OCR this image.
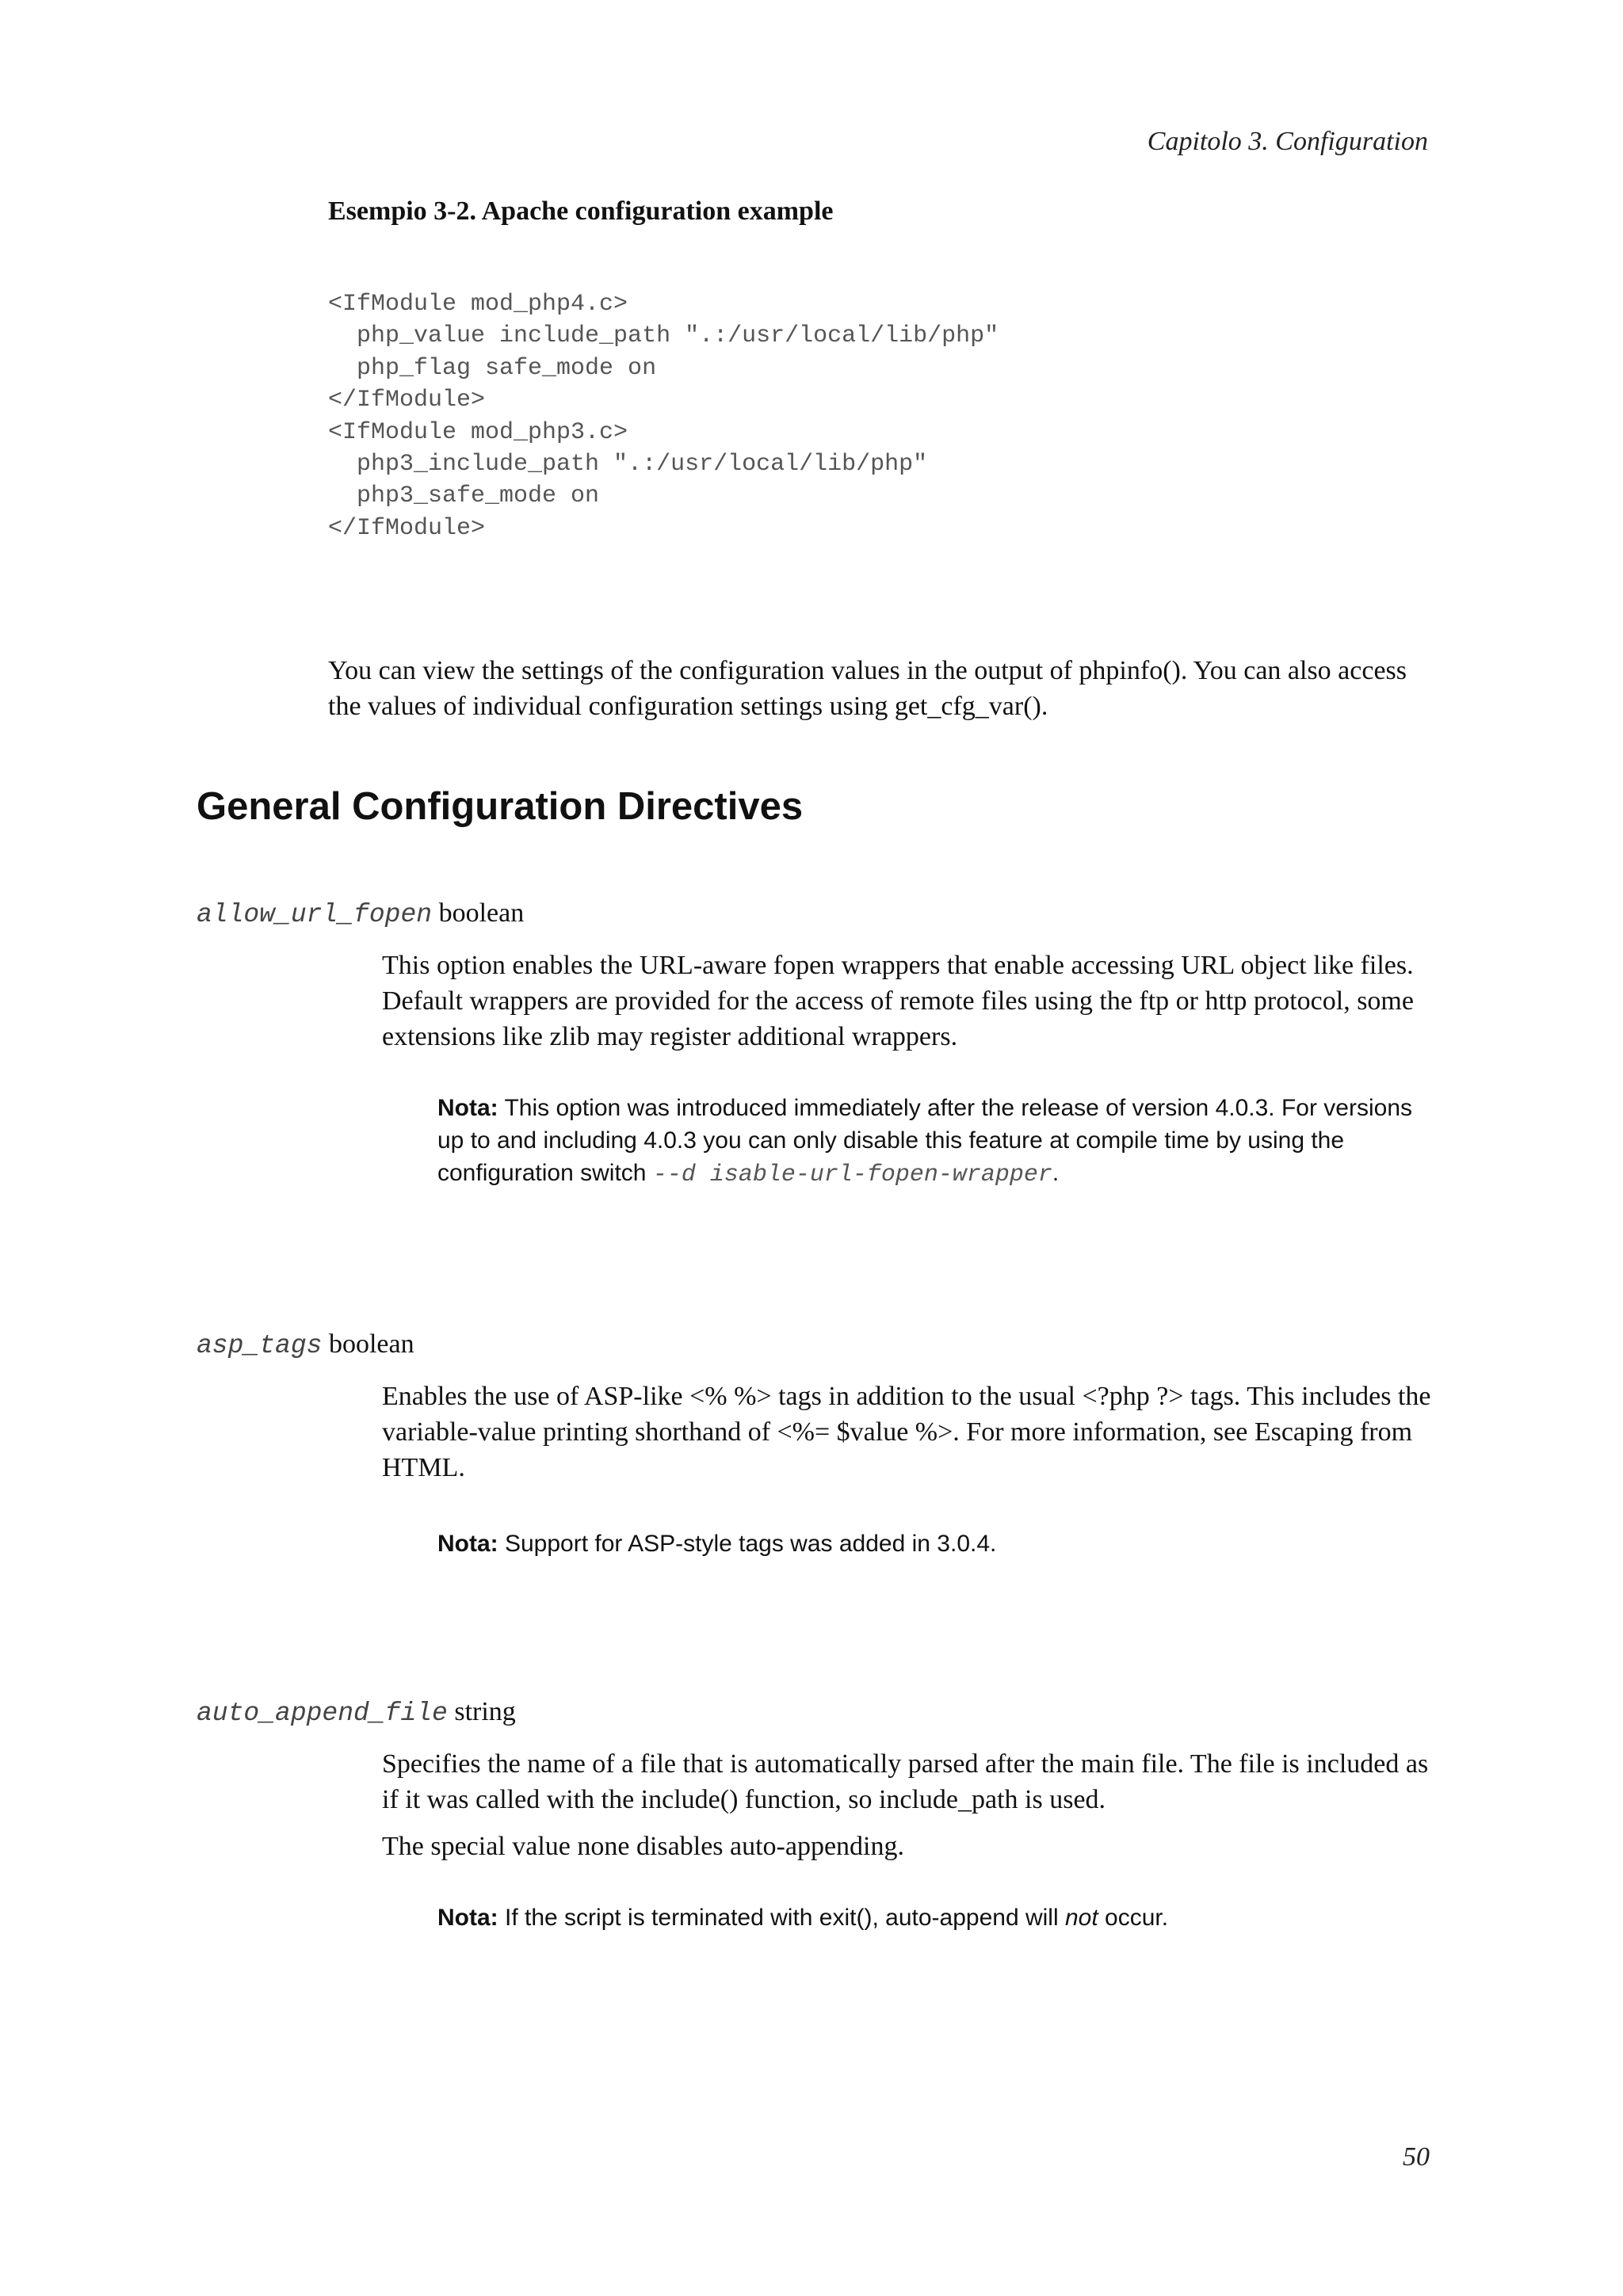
Capitolo 3. Configuration
Esempio 3-2. Apache configuration example
<IfModule mod_php4.c>
php_value include_path ".:/usr/local/lib/php"
php_flag safe_mode on
</IfModule>
<IfModule mod_php3.c>
php3_include_path ".:/usr/local/lib/php"
php3_safe_mode on
</IfModule>

You can view the settings of the configuration values in the output of phpinfo(). You can also access the values of individual configuration settings using get_cfg_var().

General Configuration Directives
allow_url_fopen boolean

This option enables the URL-aware fopen wrappers that enable accessing URL object like files. Default wrappers are provided for the access of remote files using the ftp or http protocol, some extensions like zlib may register additional wrappers.

Nota: This option was introduced immediately after the release of version 4.0.3. For versions up to and including 4.0.3 you can only disable this feature at compile time by using the configuration switch --d isable-url-fopen-wrapper.
asp_tags boolean

Enables the use of ASP-like <% %> tags in addition to the usual <?php ?> tags. This includes the variable-value printing shorthand of <%= $value %>. For more information, see Escaping from HTML.

Nota: Support for ASP-style tags was added in 3.0.4.
auto_append_file string

Specifies the name of a file that is automatically parsed after the main file. The file is included as if it was called with the include() function, so include_path is used.

The special value none disables auto-appending.

Nota: If the script is terminated with exit(), auto-append will not occur.
50
